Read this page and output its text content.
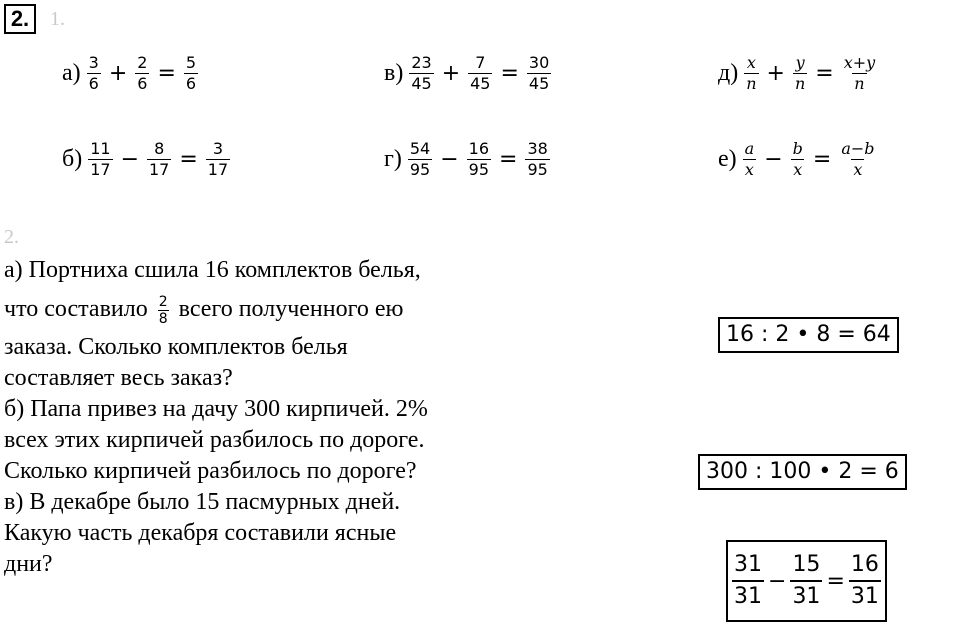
2.	1.
$а) \frac{3}{6} + \frac{2}{6} = \frac{5}{6}$
$б) \frac{11}{17} - \frac{8}{17} = \frac{3}{17}$
$в) \frac{23}{45} + \frac{7}{45} = \frac{30}{45}$
$г) \frac{54}{95} - \frac{16}{95} = \frac{38}{95}$
$д) \frac{x}{n} + \frac{y}{n} = \frac{x+y}{n}$
$е) \frac{a}{x} - \frac{b}{x} = \frac{a-b}{x}$
2.

а) Портниха сшила 16 комплектов белья,

что составило $\frac{2}{8}$ всего полученного ею

заказа. Сколько комплектов белья

составляет весь заказ?

б) Папа привез на дачу 300 кирпичей. 2%

всех этих кирпичей разбилось по дороге.

Сколько кирпичей разбилось по дороге?

в) В декабре было 15 пасмурных дней.

Какую часть декабря составили ясные

дни?

16 : 2 • 8 = 64
300 : 100 • 2 = 6
$\frac{31}{31} - \frac{15}{31} = \frac{16}{31}$
